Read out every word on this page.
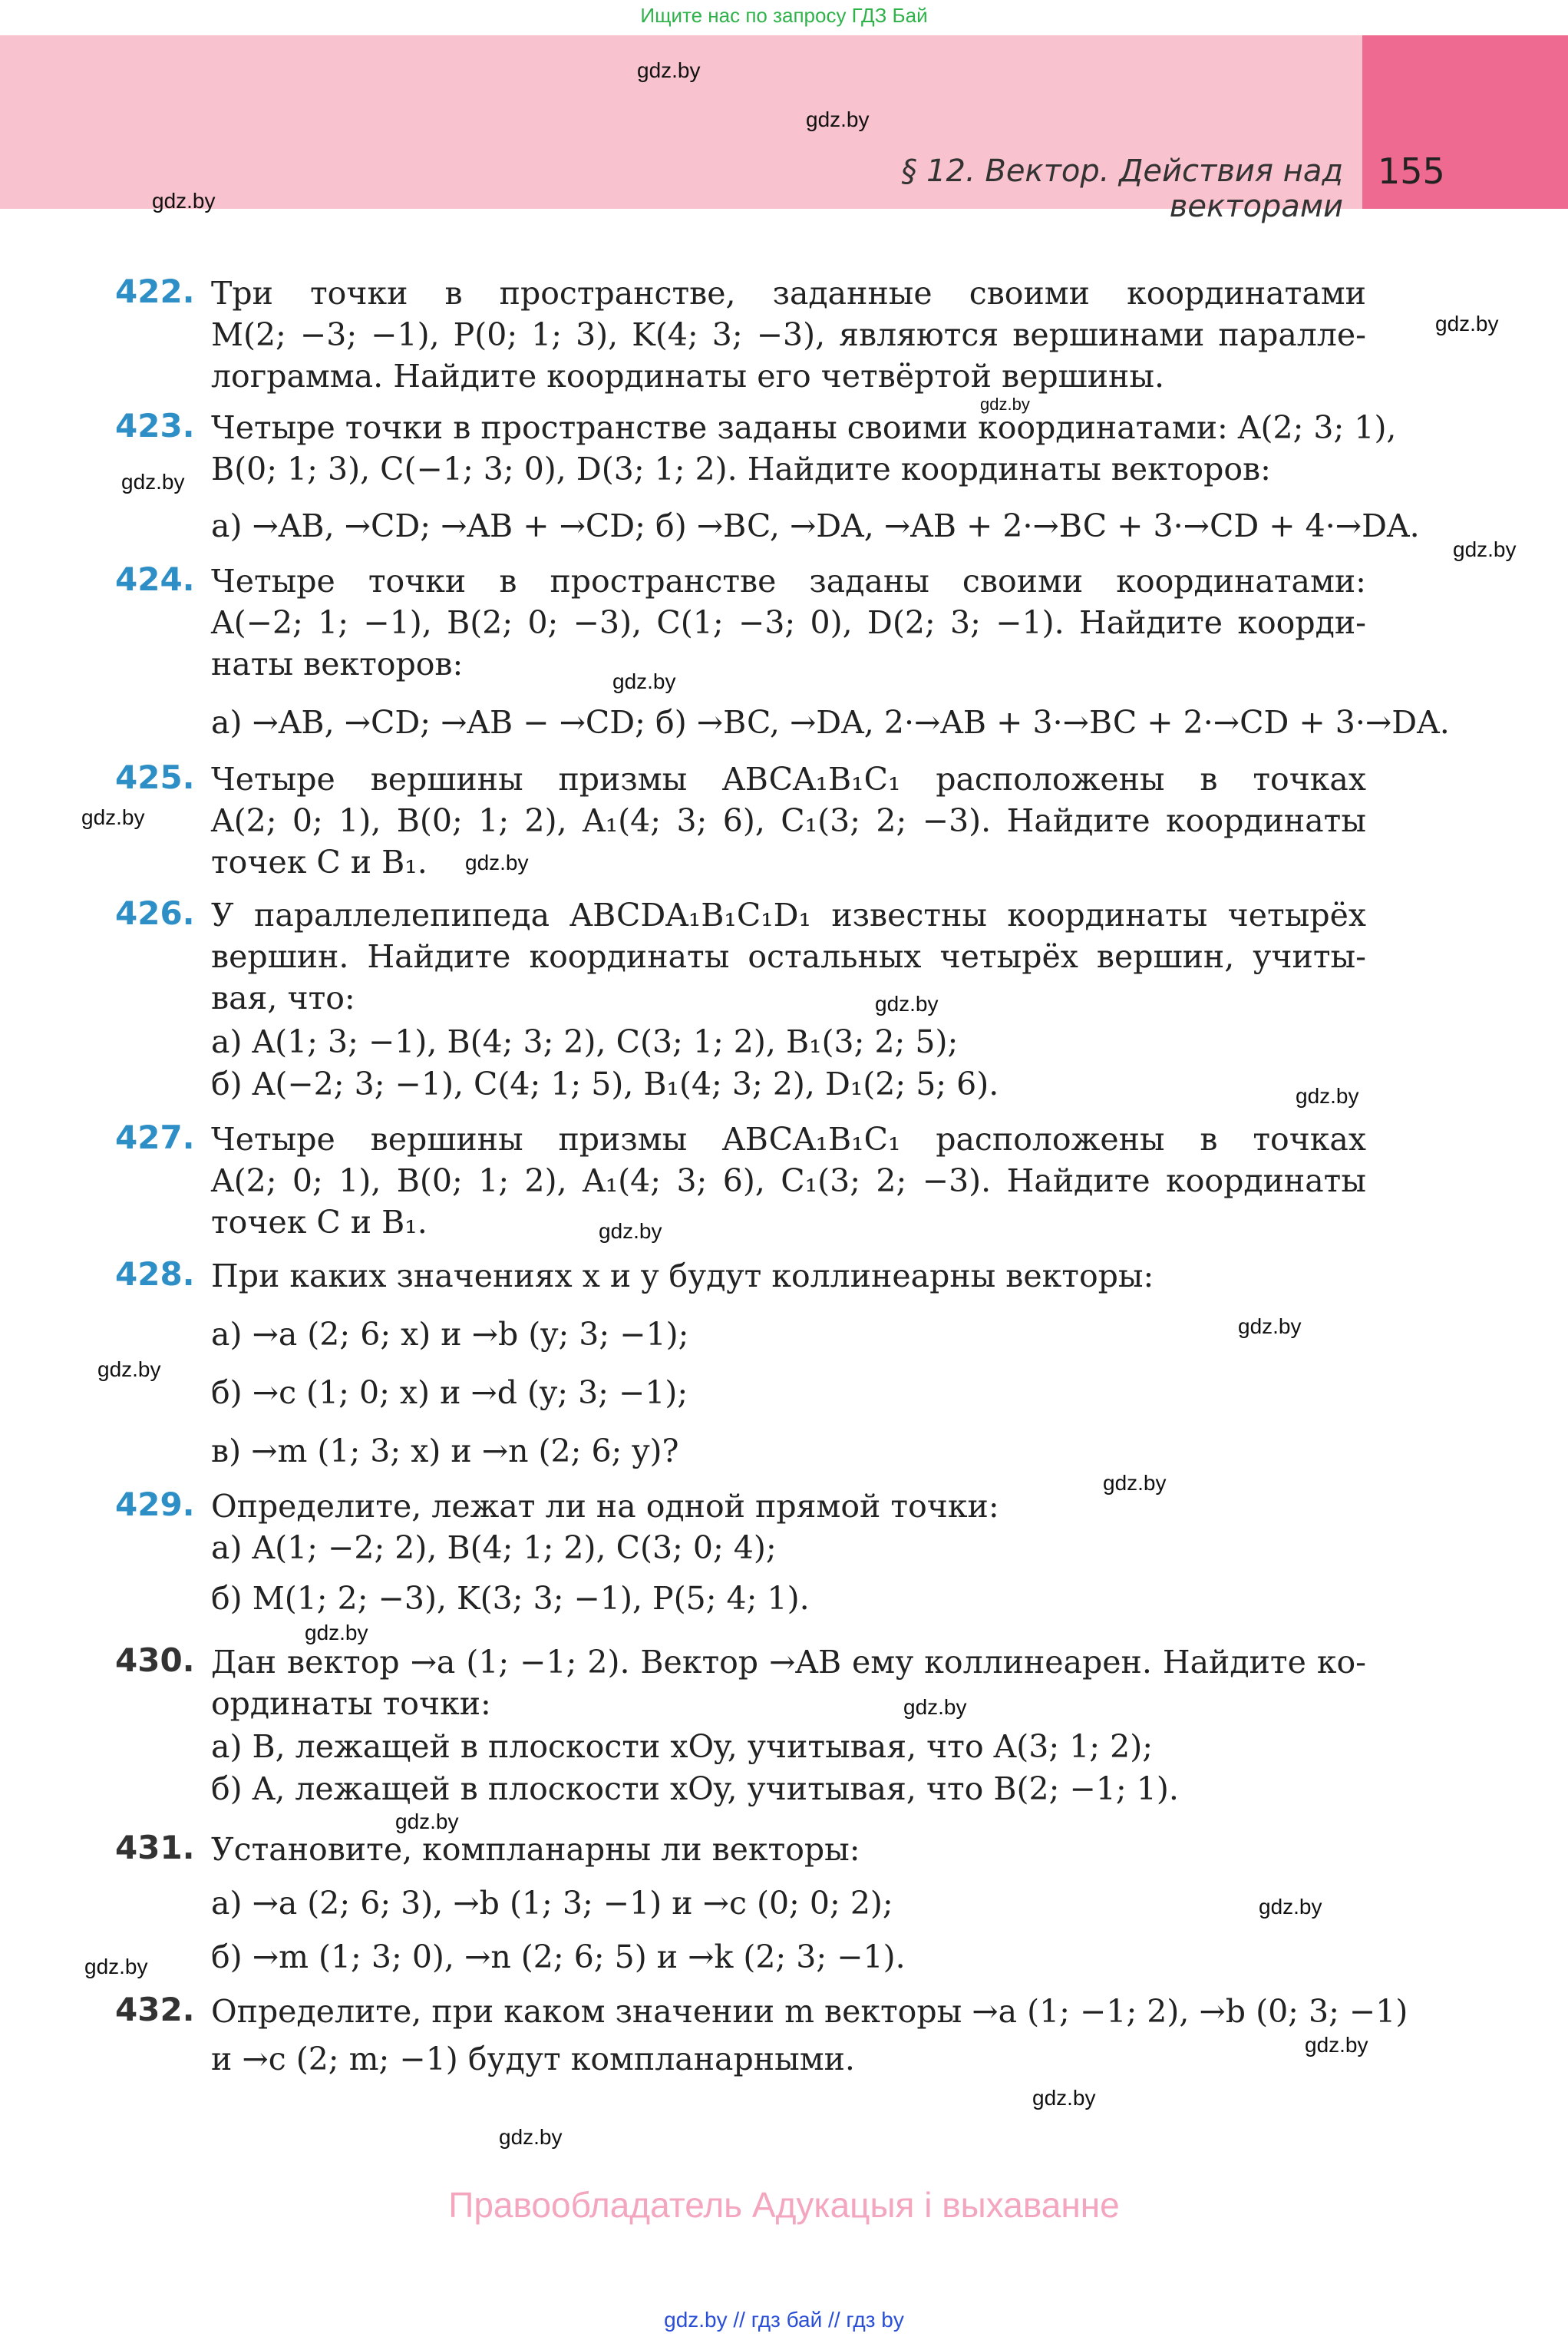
Ищите нас по запросу ГДЗ Бай
§ 12. Вектор. Действия над векторами
155
gdz.by
gdz.by
gdz.by
gdz.by
gdz.by
gdz.by
gdz.by
gdz.by
gdz.by
gdz.by
gdz.by
gdz.by
gdz.by
gdz.by
gdz.by
gdz.by
gdz.by
gdz.by
gdz.by
gdz.by
gdz.by
gdz.by
gdz.by
gdz.by
422. Три точки в пространстве, заданные своими координатами
M(2; −3; −1), P(0; 1; 3), K(4; 3; −3), являются вершинами паралле-
лограмма. Найдите координаты его четвёртой вершины.
423. Четыре точки в пространстве заданы своими координатами: A(2; 3; 1),
B(0; 1; 3), C(−1; 3; 0), D(3; 1; 2). Найдите координаты векторов:
а) →AB, →CD; →AB + →CD; б) →BC, →DA, →AB + 2·→BC + 3·→CD + 4·→DA.
424. Четыре точки в пространстве заданы своими координатами:
A(−2; 1; −1), B(2; 0; −3), C(1; −3; 0), D(2; 3; −1). Найдите коорди-
наты векторов:
а) →AB, →CD; →AB − →CD; б) →BC, →DA, 2·→AB + 3·→BC + 2·→CD + 3·→DA.
425. Четыре вершины призмы ABCA₁B₁C₁ расположены в точках
A(2; 0; 1), B(0; 1; 2), A₁(4; 3; 6), C₁(3; 2; −3). Найдите координаты
точек C и B₁.
426. У параллелепипеда ABCDA₁B₁C₁D₁ известны координаты четырёх
вершин. Найдите координаты остальных четырёх вершин, учиты-
вая, что:
а) A(1; 3; −1), B(4; 3; 2), C(3; 1; 2), B₁(3; 2; 5);
б) A(−2; 3; −1), C(4; 1; 5), B₁(4; 3; 2), D₁(2; 5; 6).
427. Четыре вершины призмы ABCA₁B₁C₁ расположены в точках
A(2; 0; 1), B(0; 1; 2), A₁(4; 3; 6), C₁(3; 2; −3). Найдите координаты
точек C и B₁.
428. При каких значениях x и y будут коллинеарны векторы:
а) →a (2; 6; x) и →b (y; 3; −1);
б) →c (1; 0; x) и →d (y; 3; −1);
в) →m (1; 3; x) и →n (2; 6; y)?
429. Определите, лежат ли на одной прямой точки:
а) A(1; −2; 2), B(4; 1; 2), C(3; 0; 4);
б) M(1; 2; −3), K(3; 3; −1), P(5; 4; 1).
430. Дан вектор →a (1; −1; 2). Вектор →AB ему коллинеарен. Найдите ко-
ординаты точки:
а) B, лежащей в плоскости xOy, учитывая, что A(3; 1; 2);
б) A, лежащей в плоскости xOy, учитывая, что B(2; −1; 1).
431. Установите, компланарны ли векторы:
а) →a (2; 6; 3), →b (1; 3; −1) и →c (0; 0; 2);
б) →m (1; 3; 0), →n (2; 6; 5) и →k (2; 3; −1).
432. Определите, при каком значении m векторы →a (1; −1; 2), →b (0; 3; −1)
и →c (2; m; −1) будут компланарными.
Правообладатель Адукацыя і выхаванне
gdz.by // гдз бай // гдз by
